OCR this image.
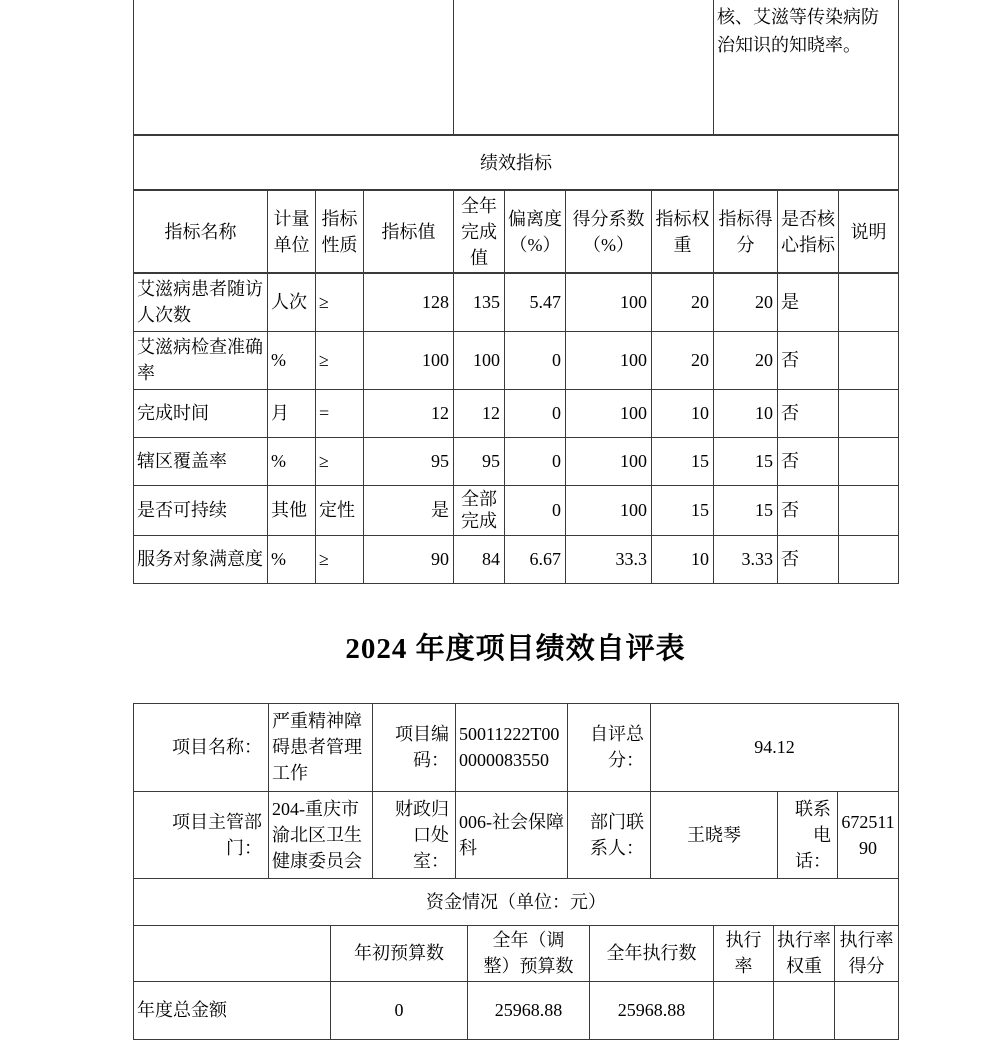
								核、艾滋等传染病防治知识的知晓率。		
绩效指标										
指标名称	计量单位	指标性质	指标值	全年完成值	偏离度（%）	得分系数（%）	指标权重	指标得分	是否核心指标	说明
艾滋病患者随访人次数	人次	≥	128	135	5.47	100	20	20	是	
艾滋病检查准确率	%	≥	100	100	0	100	20	20	否	
完成时间	月	=	12	12	0	100	10	10	否	
辖区覆盖率	%	≥	95	95	0	100	15	15	否	
是否可持续	其他	定性	是	全部完成	0	100	15	15	否	
服务对象满意度	%	≥	90	84	6.67	33.3	10	3.33	否	
2024 年度项目绩效自评表
项目名称：	严重精神障碍患者管理工作	项目编码：	50011222T000000083550	自评总分：	94.12
项目主管部门：	204-重庆市渝北区卫生健康委员会	财政归口处室：	006-社会保障科	部门联系人：	王晓琴	联系电话：	67251190
资金情况（单位：元）
	年初预算数	全年（调整）预算数	全年执行数	执行率	执行率权重	执行率得分
年度总金额	0	25968.88	25968.88			
